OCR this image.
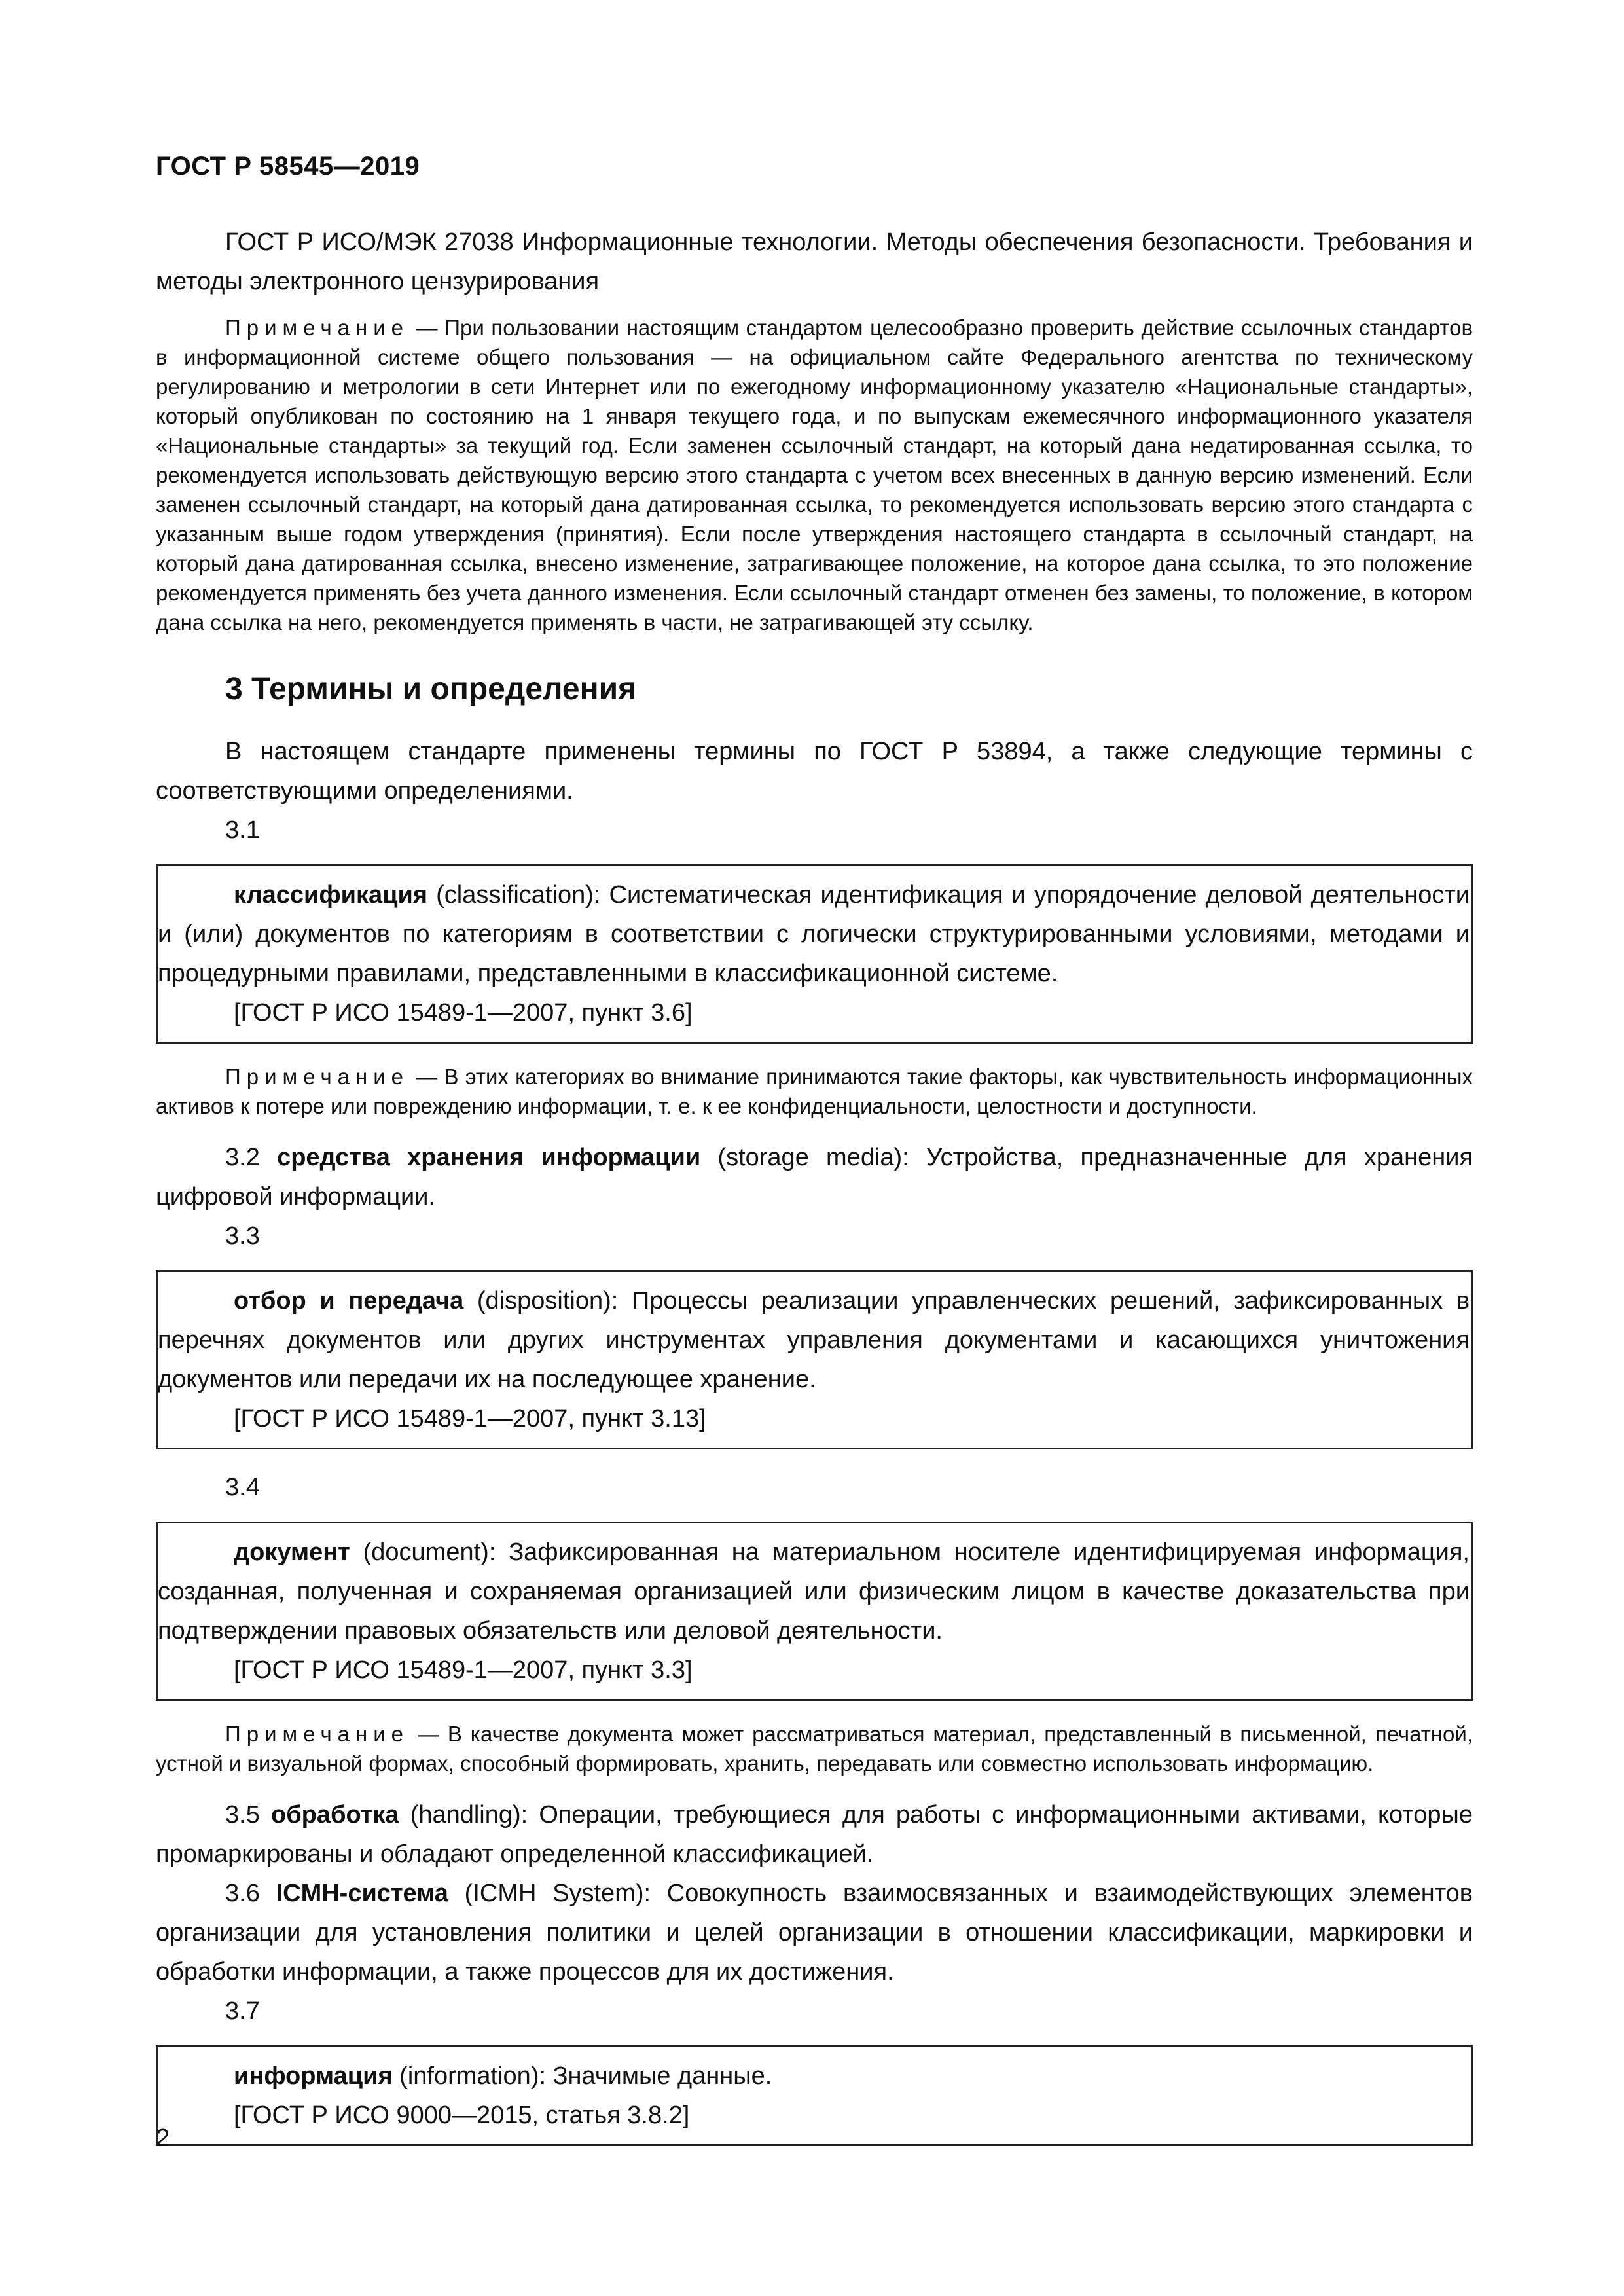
ГОСТ Р 58545—2019

ГОСТ Р ИСО/МЭК 27038 Информационные технологии. Методы обеспечения безопасности. Требования и методы электронного цензурирования

Примечание — При пользовании настоящим стандартом целесообразно проверить действие ссылочных стандартов в информационной системе общего пользования — на официальном сайте Федерального агентства по техническому регулированию и метрологии в сети Интернет или по ежегодному информационному указателю «Национальные стандарты», который опубликован по состоянию на 1 января текущего года, и по выпускам ежемесячного информационного указателя «Национальные стандарты» за текущий год. Если заменен ссылочный стандарт, на который дана недатированная ссылка, то рекомендуется использовать действующую версию этого стандарта с учетом всех внесенных в данную версию изменений. Если заменен ссылочный стандарт, на который дана датированная ссылка, то рекомендуется использовать версию этого стандарта с указанным выше годом утверждения (принятия). Если после утверждения настоящего стандарта в ссылочный стандарт, на который дана датированная ссылка, внесено изменение, затрагивающее положение, на которое дана ссылка, то это положение рекомендуется применять без учета данного изменения. Если ссылочный стандарт отменен без замены, то положение, в котором дана ссылка на него, рекомендуется применять в части, не затрагивающей эту ссылку.

3 Термины и определения

В настоящем стандарте применены термины по ГОСТ Р 53894, а также следующие термины с соответствующими определениями.

3.1

классификация (classification): Систематическая идентификация и упорядочение деловой деятельности и (или) документов по категориям в соответствии с логически структурированными условиями, методами и процедурными правилами, представленными в классификационной системе.

[ГОСТ Р ИСО 15489-1—2007, пункт 3.6]

Примечание — В этих категориях во внимание принимаются такие факторы, как чувствительность информационных активов к потере или повреждению информации, т. е. к ее конфиденциальности, целостности и доступности.

3.2 средства хранения информации (storage media): Устройства, предназначенные для хранения цифровой информации.

3.3

отбор и передача (disposition): Процессы реализации управленческих решений, зафиксированных в перечнях документов или других инструментах управления документами и касающихся уничтожения документов или передачи их на последующее хранение.

[ГОСТ Р ИСО 15489-1—2007, пункт 3.13]
3.4

документ (document): Зафиксированная на материальном носителе идентифицируемая информация, созданная, полученная и сохраняемая организацией или физическим лицом в качестве доказательства при подтверждении правовых обязательств или деловой деятельности.

[ГОСТ Р ИСО 15489-1—2007, пункт 3.3]

Примечание — В качестве документа может рассматриваться материал, представленный в письменной, печатной, устной и визуальной формах, способный формировать, хранить, передавать или совместно использовать информацию.

3.5 обработка (handling): Операции, требующиеся для работы с информационными активами, которые промаркированы и обладают определенной классификацией.

3.6 ICMH-система (ICMH System): Совокупность взаимосвязанных и взаимодействующих элементов организации для установления политики и целей организации в отношении классификации, маркировки и обработки информации, а также процессов для их достижения.

3.7

информация (information): Значимые данные.

[ГОСТ Р ИСО 9000—2015, статья 3.8.2]
2
